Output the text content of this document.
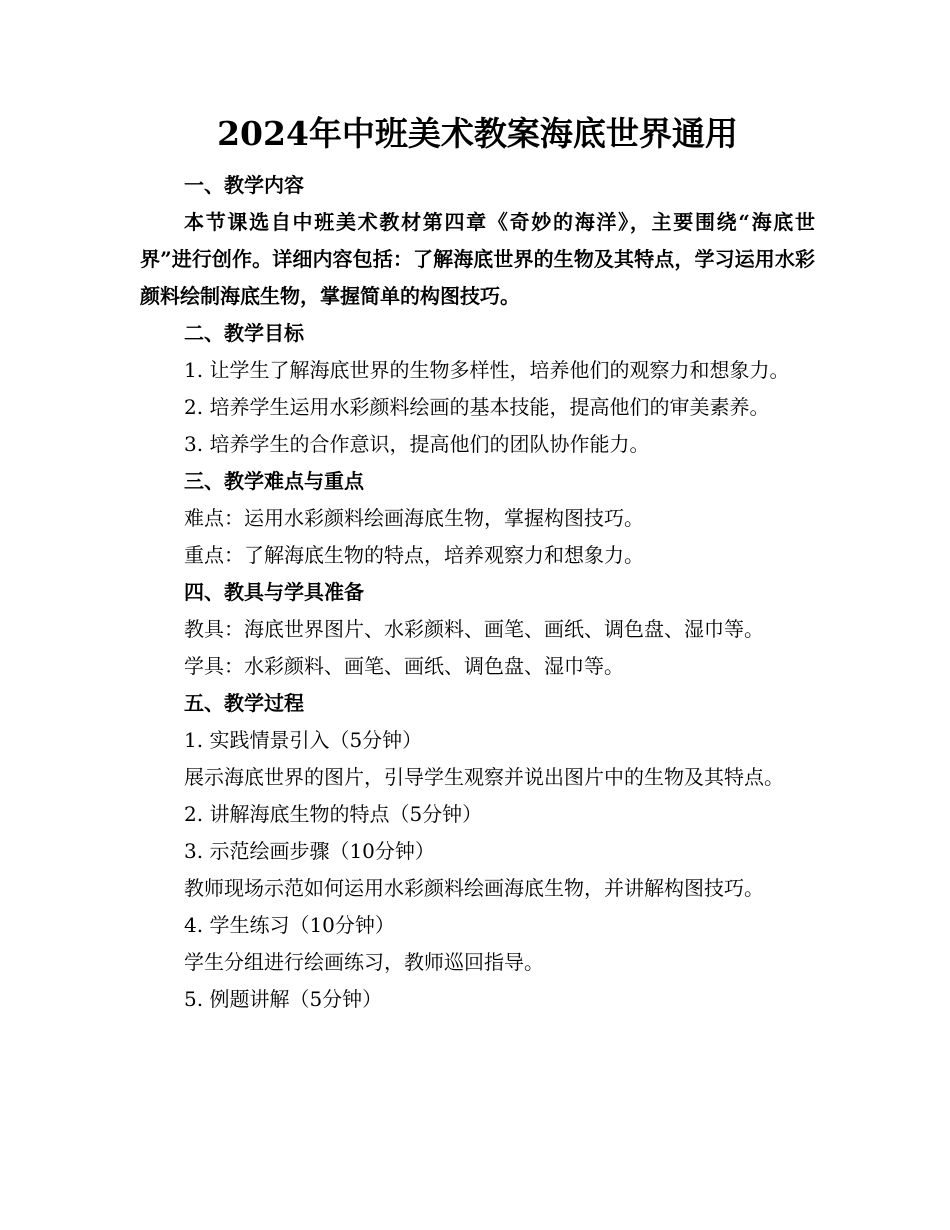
2024年中班美术教案海底世界通用

一、教学内容

本节课选自中班美术教材第四章《奇妙的海洋》，主要围绕“海底世界”进行创作。详细内容包括：了解海底世界的生物及其特点，学习运用水彩颜料绘制海底生物，掌握简单的构图技巧。

二、教学目标

1. 让学生了解海底世界的生物多样性，培养他们的观察力和想象力。

2. 培养学生运用水彩颜料绘画的基本技能，提高他们的审美素养。

3. 培养学生的合作意识，提高他们的团队协作能力。

三、教学难点与重点

难点：运用水彩颜料绘画海底生物，掌握构图技巧。

重点：了解海底生物的特点，培养观察力和想象力。

四、教具与学具准备

教具：海底世界图片、水彩颜料、画笔、画纸、调色盘、湿巾等。

学具：水彩颜料、画笔、画纸、调色盘、湿巾等。

五、教学过程

1. 实践情景引入（5分钟）

展示海底世界的图片，引导学生观察并说出图片中的生物及其特点。

2. 讲解海底生物的特点（5分钟）

3. 示范绘画步骤（10分钟）

教师现场示范如何运用水彩颜料绘画海底生物，并讲解构图技巧。

4. 学生练习（10分钟）

学生分组进行绘画练习，教师巡回指导。

5. 例题讲解（5分钟）
